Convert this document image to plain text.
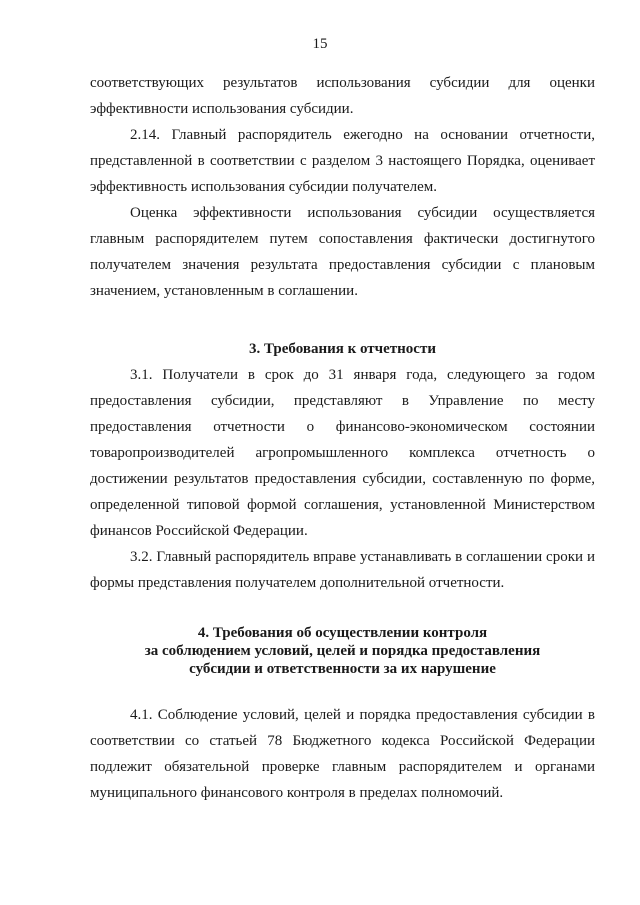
15

соответствующих результатов использования субсидии для оценки эффективности использования субсидии.

2.14. Главный распорядитель ежегодно на основании отчетности, представленной в соответствии с разделом 3 настоящего Порядка, оценивает эффективность использования субсидии получателем.

Оценка эффективности использования субсидии осуществляется главным распорядителем путем сопоставления фактически достигнутого получателем значения результата предоставления субсидии с плановым значением, установленным в соглашении.

3. Требования к отчетности

3.1. Получатели в срок до 31 января года, следующего за годом предоставления субсидии, представляют в Управление по месту предоставления отчетности о финансово-экономическом состоянии товаропроизводителей агропромышленного комплекса отчетность о достижении результатов предоставления субсидии, составленную по форме, определенной типовой формой соглашения, установленной Министерством финансов Российской Федерации.

3.2. Главный распорядитель вправе устанавливать в соглашении сроки и формы представления получателем дополнительной отчетности.

4. Требования об осуществлении контроля
за соблюдением условий, целей и порядка предоставления
субсидии и ответственности за их нарушение

4.1. Соблюдение условий, целей и порядка предоставления субсидии в соответствии со статьей 78 Бюджетного кодекса Российской Федерации подлежит обязательной проверке главным распорядителем и органами муниципального финансового контроля в пределах полномочий.
